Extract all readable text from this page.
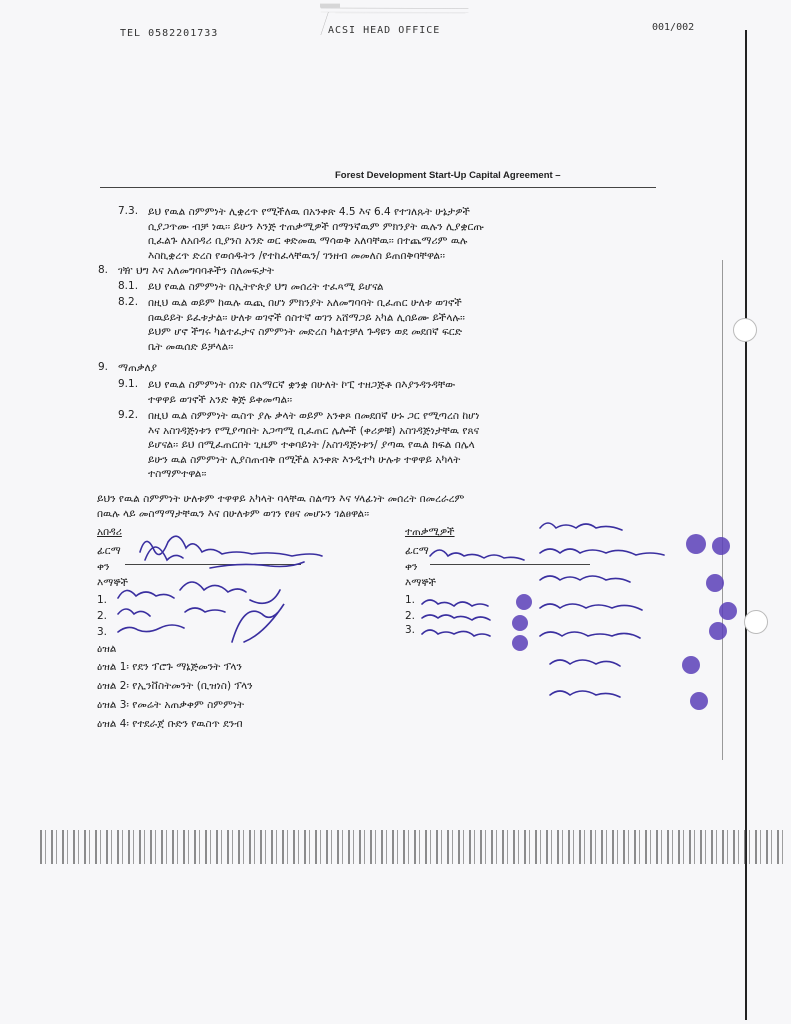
TEL 0582201733	ACSI HEAD OFFICE	001/002
Forest Development Start-Up Capital Agreement –
7.3. ይህ የዉል ስምምነት ሊቋረጥ የሚችለዉ በአንቀጽ 4.5 እና 6.4 የተገለጹት ሁኔታዎች
ሲያጋጥሙ ብቻ ነዉ፡፡ ይሁን እንጅ ተጠቃሚዎች በማንኛዉም ምክንያት ዉሉን ሊያቋርጡ
ቢፈልጉ ለአበዳሪ ቢያንስ አንድ ወር ቀድመዉ ማሳወቅ አለባቸዉ፡፡ በተጨማሪም ዉሉ
እስኪቋረጥ ድረስ የወሰዱትን /የተከፈላቸዉን/ ገንዘብ መመለስ ይጠበቅባቸዋል፡፡
8. ገዥ ህግ እና አለመግባባቶችን ስለመፍታት
8.1. ይህ የዉል ስምምነት በኢትዮጵያ ህግ መሰረት ተፈጻሚ ይሆናል
8.2. በዚህ ዉል ወይም ከዉሉ ዉጪ በሆነ ምክንያት አለመግባባት ቢፈጠር ሁለቱ ወገኖች
በዉይይት ይፈቱታል፡፡ ሁለቱ ወገኖች ሰስተኛ ወገን አሸማጋይ አካል ሊሰይሙ ይችላሉ፡፡
ይህም ሆኖ ችግሩ ካልተፈታና ስምምነት መድረስ ካልተቻለ ጉዳዩን ወደ መደበኛ ፍርድ
ቤት መዉሰድ ይቻላል፡፡
9. ማጠቃለያ
9.1. ይህ የዉል ስምምነት ሰነድ በአማርኛ ቋንቋ በሁለት ኮፒ ተዘጋጅቶ በእያንዳንዳቸው
ተዋዋይ ወገኖች አንድ ቅጅ ይቀመጣል፡፡
9.2. በዚህ ዉል ስምምነት ዉስጥ ያሉ ቃላት ወይም አንቀጾ በመደበኛ ሁኑ ጋር የሚጣረስ ከሆነ
እና አስገዳጅነቱን የሚያጣበት አጋጣሚ ቢፈጠር ሌሎች (ቀሪዎቹ) አስገዳጅነታቸዉ የጸና
ይሆናል፡፡ ይህ በሚፈጠርበት ጊዜም ተቀባይነት /አስገዳጅነቱን/ ያጣዉ የዉል ክፍል በሌላ
ይሁን ዉል ስምምነት ሊያስጠብቅ በሚችል አንቀጽ እንዲተካ ሁሉቱ ተዋዋይ አካላት
ተስማምተዋል፡፡
ይህን የዉል ስምምነት ሁለቱም ተዋዋይ አካላት ባላቸዉ ስልጣን እና ሃላፊነት መሰረት በመረራረም
በዉሉ ላይ መስማማታቸዉን እና በሁለቱም ወገን የፀና መሆኑን ገልፀዋል፡፡
አበዳሪ
ፊርማ
ቀን
እማኞች
1.
2.
3.
ተጠቃሚዎች
ፊርማ
ቀን
እማኞች
1.
2.
3.
ዕዝል
ዕዝል 1፡ የደን ፕሮጉ ማኔጅመንት ፕላን
ዕዝል 2፡ የኢንቨስትመንት (ቢዝነስ) ፕላን
ዕዝል 3፡ የመሬት አጠቃቀም ስምምነት
ዕዝል 4፡ የተደራጀ ቡድን የዉስጥ ደንብ
